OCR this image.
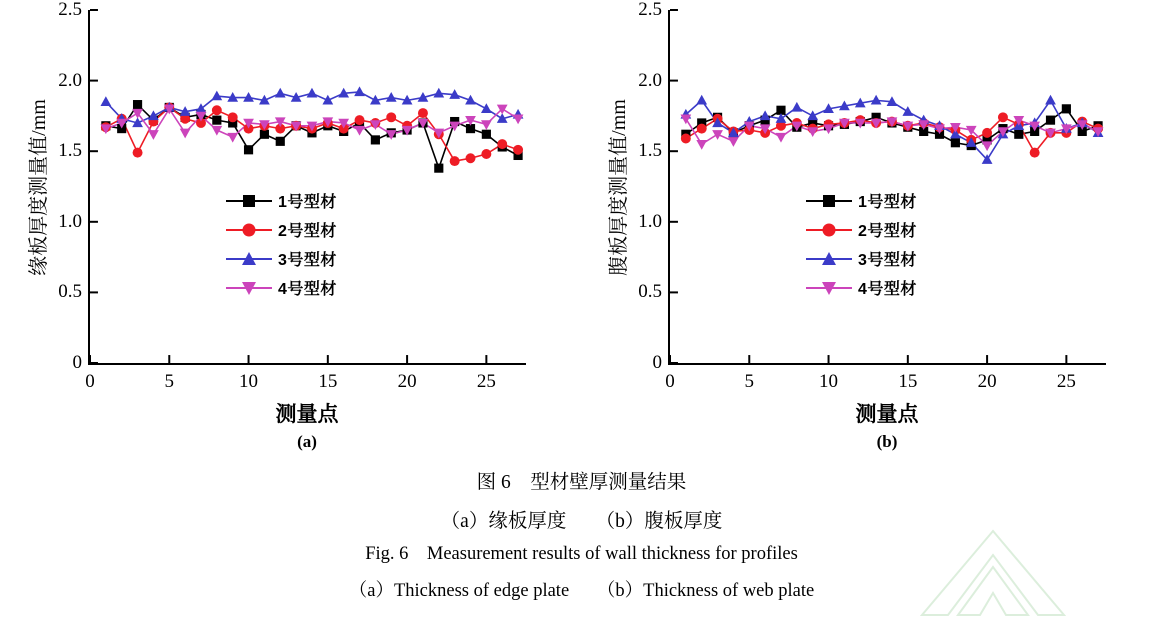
缘板厚度测量值/mm
0
0.5
1.0
1.5
2.0
2.5
0	5	10	15	20	25
测量点
(a)
1号型材
2号型材
3号型材
4号型材
腹板厚度测量值/mm
0
0.5
1.0
1.5
2.0
2.5
0	5	10	15	20	25
测量点
(b)
1号型材
2号型材
3号型材
4号型材
图 6    型材壁厚测量结果
（a）缘板厚度      （b）腹板厚度
Fig. 6    Measurement results of wall thickness for profiles
（a）Thickness of edge plate      （b）Thickness of web plate
